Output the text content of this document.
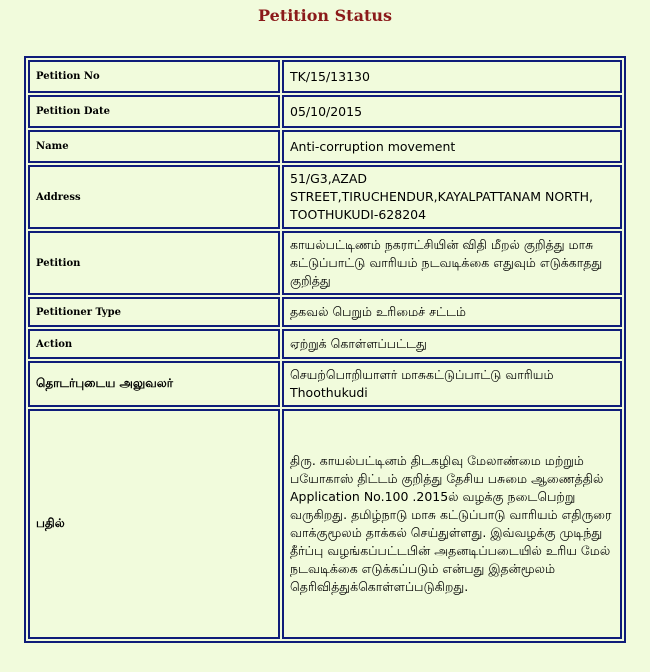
Petition Status
Petition No	TK/15/13130
Petition Date	05/10/2015
Name	Anti-corruption movement
Address	51/G3,AZAD STREET,TIRUCHENDUR,KAYALPATTANAM NORTH, TOOTHUKUDI-628204
Petition	காயல்பட்டிணம் நகராட்சியின் விதி மீறல் குறித்து மாசு கட்டுப்பாட்டு வாரியம் நடவடிக்கை எதுவும் எடுக்காதது குறித்து
Petitioner Type	தகவல் பெறும் உரிமைச் சட்டம்
Action	ஏற்றுக் கொள்ளப்பட்டது
தொடர்புடைய அலுவலர்	செயற்பொறியாளர் மாசுகட்டுப்பாட்டு வாரியம் Thoothukudi
பதில்	திரு. காயல்பட்டினம் திடகழிவு மேலாண்மை மற்றும் பயோகாஸ் திட்டம் குறித்து தேசிய பசுமை ஆணைத்தில் Application No.100 .2015ல் வழக்கு நடைபெற்று வருகிறது. தமிழ்நாடு மாசு கட்டுப்பாடு வாரியம் எதிருரை வாக்குமூலம் தாக்கல் செய்துள்ளது. இவ்வழக்கு முடிந்து தீர்ப்பு வழங்கப்பட்டபின் அதனடிப்படையில் உரிய மேல் நடவடிக்கை எடுக்கப்படும் என்பது இதன்மூலம் தெரிவித்துக்கொள்ளப்படுகிறது.
